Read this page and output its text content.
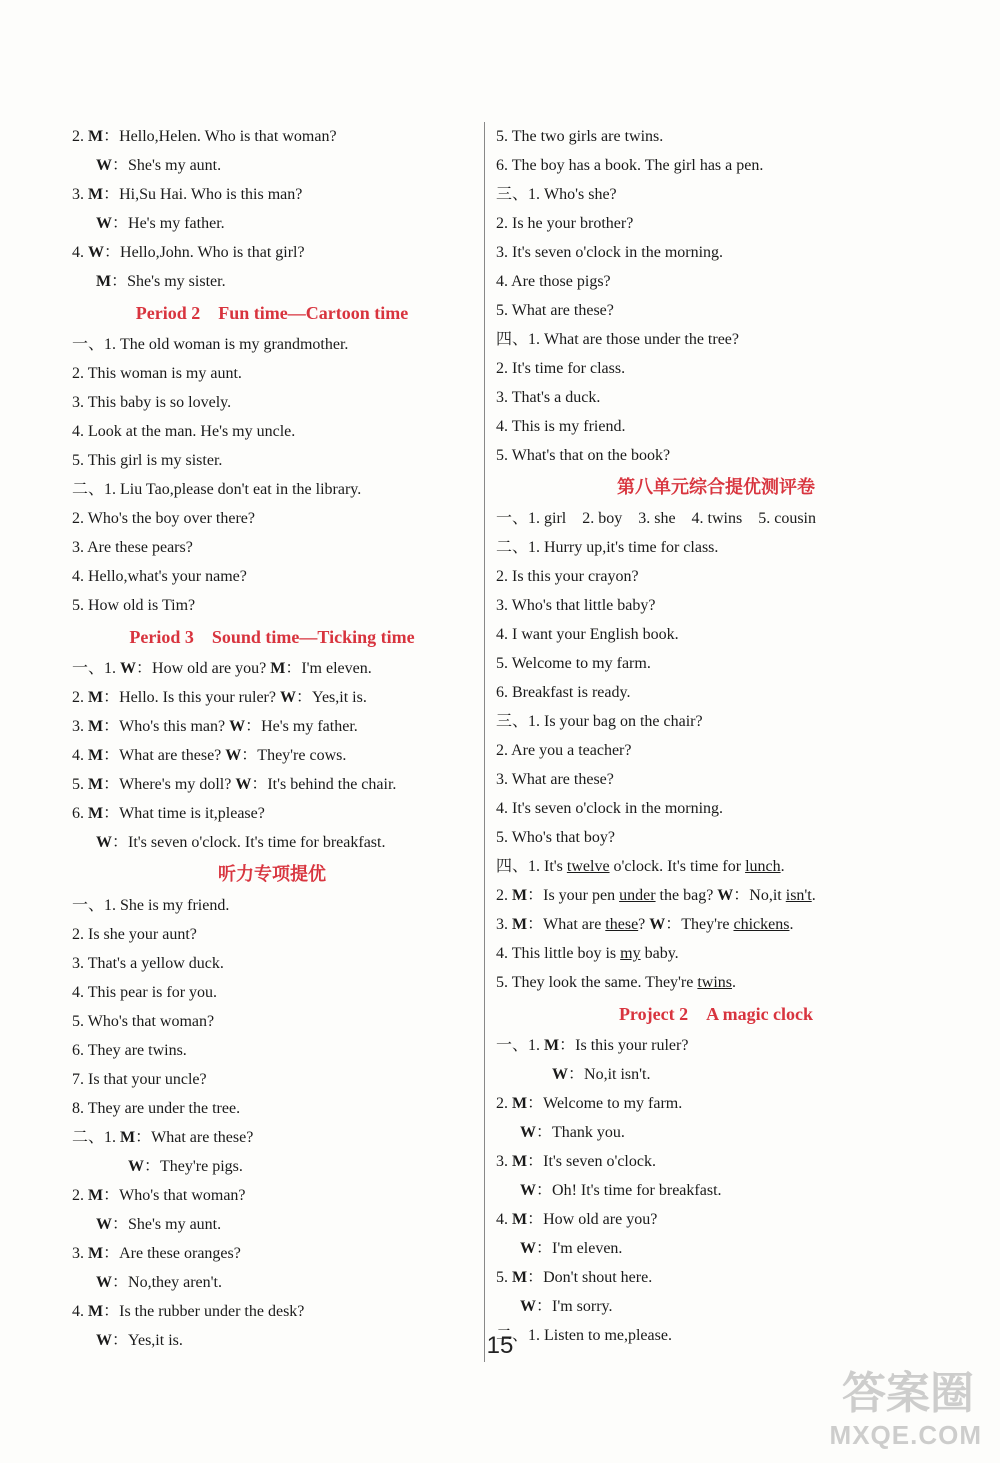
2. M：Hello,Helen. Who is that woman?
W：She's my aunt.
3. M：Hi,Su Hai. Who is this man?
W：He's my father.
4. W：Hello,John. Who is that girl?
M：She's my sister.
Period 2　Fun time—Cartoon time
一、1. The old woman is my grandmother.
2. This woman is my aunt.
3. This baby is so lovely.
4. Look at the man. He's my uncle.
5. This girl is my sister.
二、1. Liu Tao,please don't eat in the library.
2. Who's the boy over there?
3. Are these pears?
4. Hello,what's your name?
5. How old is Tim?
Period 3　Sound time—Ticking time
一、1. W：How old are you? M：I'm eleven.
2. M：Hello. Is this your ruler? W：Yes,it is.
3. M：Who's this man? W：He's my father.
4. M：What are these? W：They're cows.
5. M：Where's my doll? W：It's behind the chair.
6. M：What time is it,please?
W：It's seven o'clock. It's time for breakfast.
听力专项提优
一、1. She is my friend.
2. Is she your aunt?
3. That's a yellow duck.
4. This pear is for you.
5. Who's that woman?
6. They are twins.
7. Is that your uncle?
8. They are under the tree.
二、1. M：What are these?
W：They're pigs.
2. M：Who's that woman?
W：She's my aunt.
3. M：Are these oranges?
W：No,they aren't.
4. M：Is the rubber under the desk?
W：Yes,it is.
5. The two girls are twins.
6. The boy has a book. The girl has a pen.
三、1. Who's she?
2. Is he your brother?
3. It's seven o'clock in the morning.
4. Are those pigs?
5. What are these?
四、1. What are those under the tree?
2. It's time for class.
3. That's a duck.
4. This is my friend.
5. What's that on the book?
第八单元综合提优测评卷
一、1. girl　2. boy　3. she　4. twins　5. cousin
二、1. Hurry up,it's time for class.
2. Is this your crayon?
3. Who's that little baby?
4. I want your English book.
5. Welcome to my farm.
6. Breakfast is ready.
三、1. Is your bag on the chair?
2. Are you a teacher?
3. What are these?
4. It's seven o'clock in the morning.
5. Who's that boy?
四、1. It's twelve o'clock. It's time for lunch.
2. M：Is your pen under the bag? W：No,it isn't.
3. M：What are these? W：They're chickens.
4. This little boy is my baby.
5. They look the same. They're twins.
Project 2　A magic clock
一、1. M：Is this your ruler?
W：No,it isn't.
2. M：Welcome to my farm.
W：Thank you.
3. M：It's seven o'clock.
W：Oh! It's time for breakfast.
4. M：How old are you?
W：I'm eleven.
5. M：Don't shout here.
W：I'm sorry.
二、1. Listen to me,please.
15
答案圈
MXQE.COM
